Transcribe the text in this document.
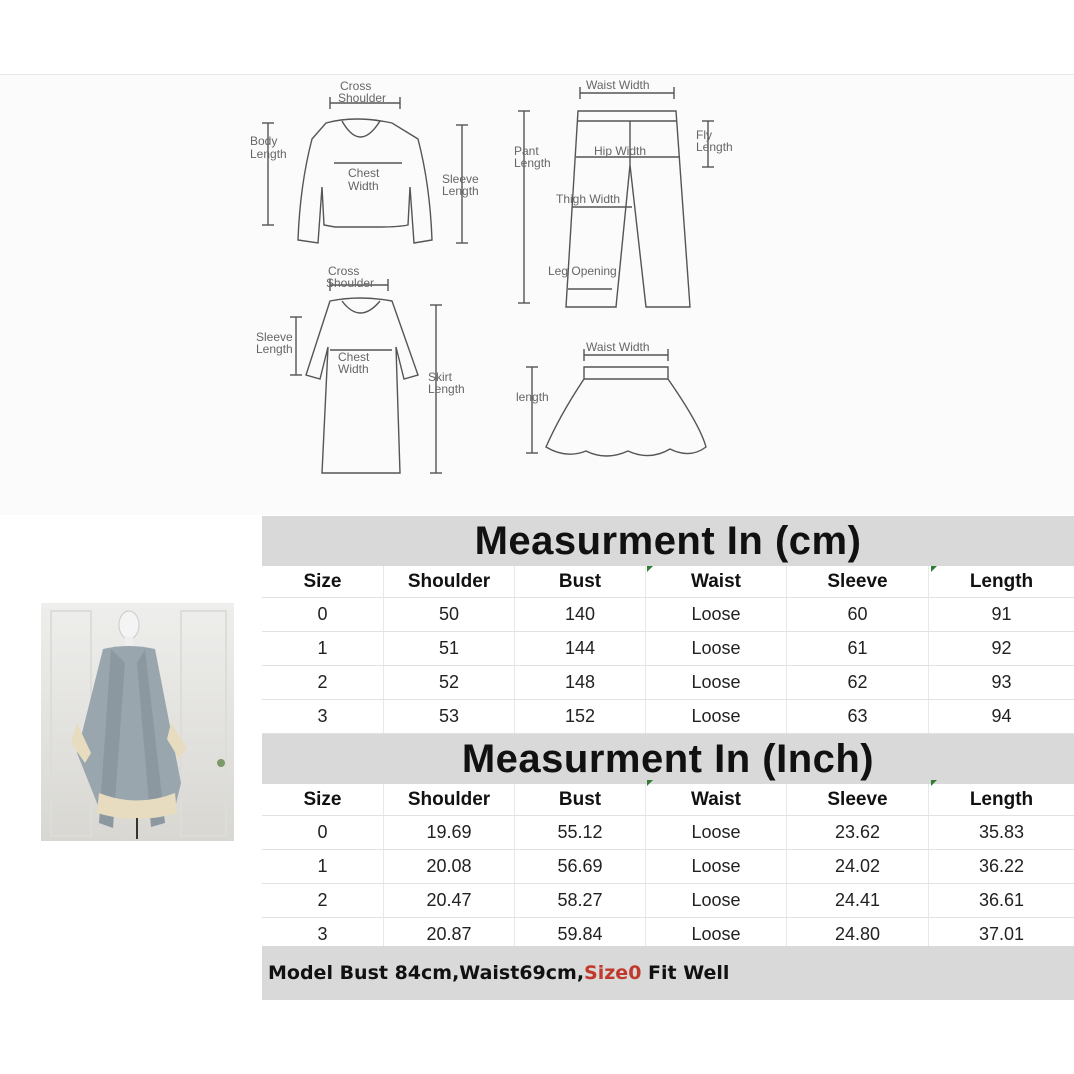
Cross
Shoulder
Body
Length
Chest
Width	Sleeve
Length
Waist Width
Pant
Length
Hip Width
Fly
Length
Thigh Width
Leg Opening
Cross
Shoulder
Sleeve
Length
Chest
Width
Skirt
Length
Waist Width
length
Measurment In (cm)
Size	Shoulder	Bust	Waist	Sleeve	Length
0	50	140	Loose	60	91
1	51	144	Loose	61	92
2	52	148	Loose	62	93
3	53	152	Loose	63	94
Measurment In (Inch)
Size	Shoulder	Bust	Waist	Sleeve	Length
0	19.69	55.12	Loose	23.62	35.83
1	20.08	56.69	Loose	24.02	36.22
2	20.47	58.27	Loose	24.41	36.61
3	20.87	59.84	Loose	24.80	37.01
Model Bust 84cm,Waist69cm, Size0 Fit Well
